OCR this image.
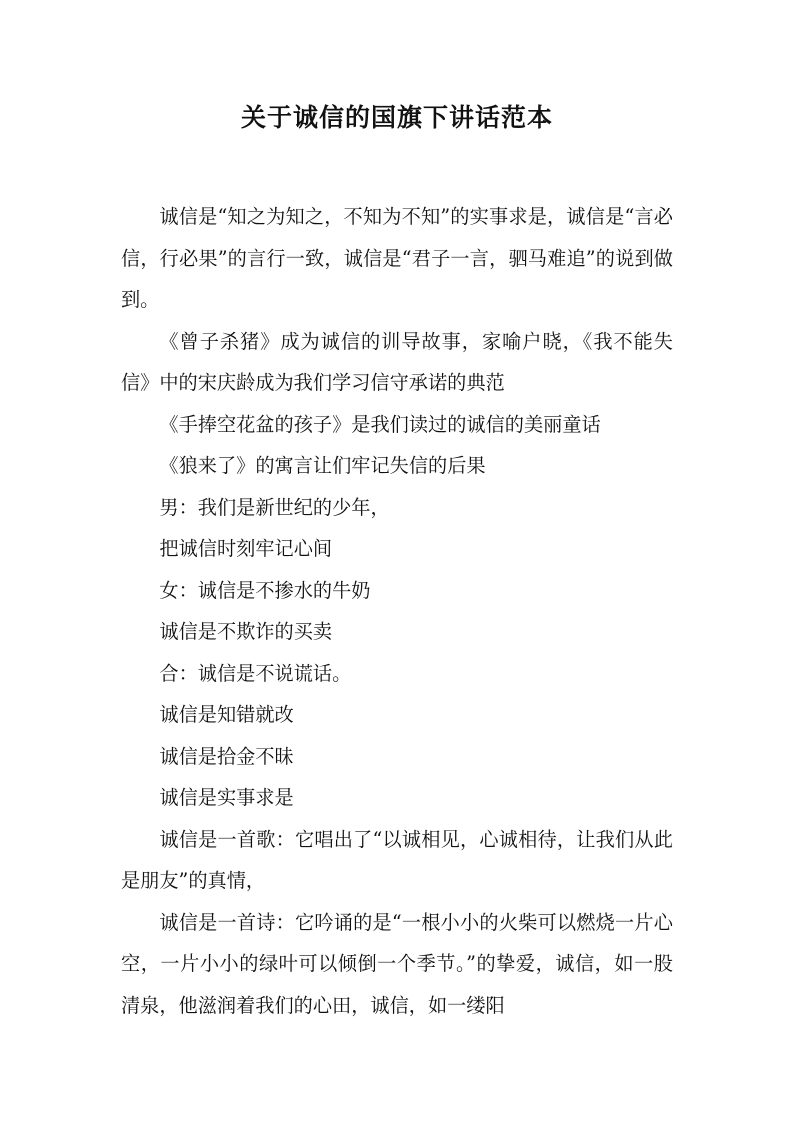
关于诚信的国旗下讲话范本

诚信是“知之为知之，不知为不知”的实事求是，诚信是“言必信，行必果”的言行一致，诚信是“君子一言，驷马难追”的说到做到。

《曾子杀猪》成为诚信的训导故事，家喻户晓，《我不能失信》中的宋庆龄成为我们学习信守承诺的典范

《手捧空花盆的孩子》是我们读过的诚信的美丽童话

《狼来了》的寓言让们牢记失信的后果

男：我们是新世纪的少年，

把诚信时刻牢记心间

女：诚信是不掺水的牛奶

诚信是不欺诈的买卖

合：诚信是不说谎话。

诚信是知错就改

诚信是拾金不昧

诚信是实事求是

诚信是一首歌：它唱出了“以诚相见，心诚相待，让我们从此是朋友”的真情，

诚信是一首诗：它吟诵的是“一根小小的火柴可以燃烧一片心空，一片小小的绿叶可以倾倒一个季节。”的挚爱，诚信，如一股清泉，他滋润着我们的心田，诚信，如一缕阳
